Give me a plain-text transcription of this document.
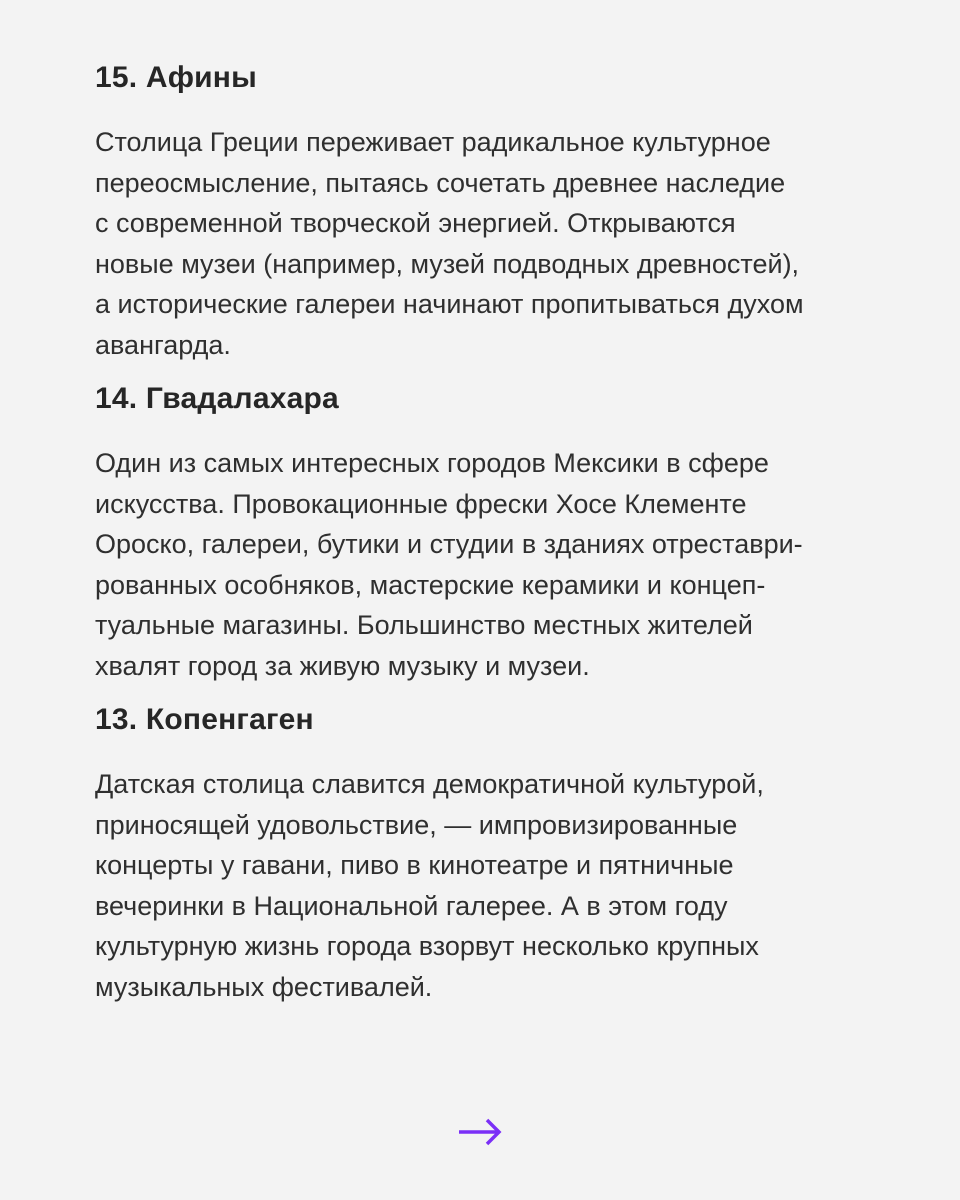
15. Афины

Столица Греции переживает радикальное культурное
переосмысление, пытаясь сочетать древнее наследие
с современной творческой энергией. Открываются
новые музеи (например, музей подводных древностей),
а исторические галереи начинают пропитываться духом
авангарда.

14. Гвадалахара

Один из самых интересных городов Мексики в сфере
искусства. Провокационные фрески Хосе Клементе
Ороско, галереи, бутики и студии в зданиях отреставри-
рованных особняков, мастерские керамики и концеп-
туальные магазины. Большинство местных жителей
хвалят город за живую музыку и музеи.

13. Копенгаген

Датская столица славится демократичной культурой,
приносящей удовольствие, — импровизированные
концерты у гавани, пиво в кинотеатре и пятничные
вечеринки в Национальной галерее. А в этом году
культурную жизнь города взорвут несколько крупных
музыкальных фестивалей.
